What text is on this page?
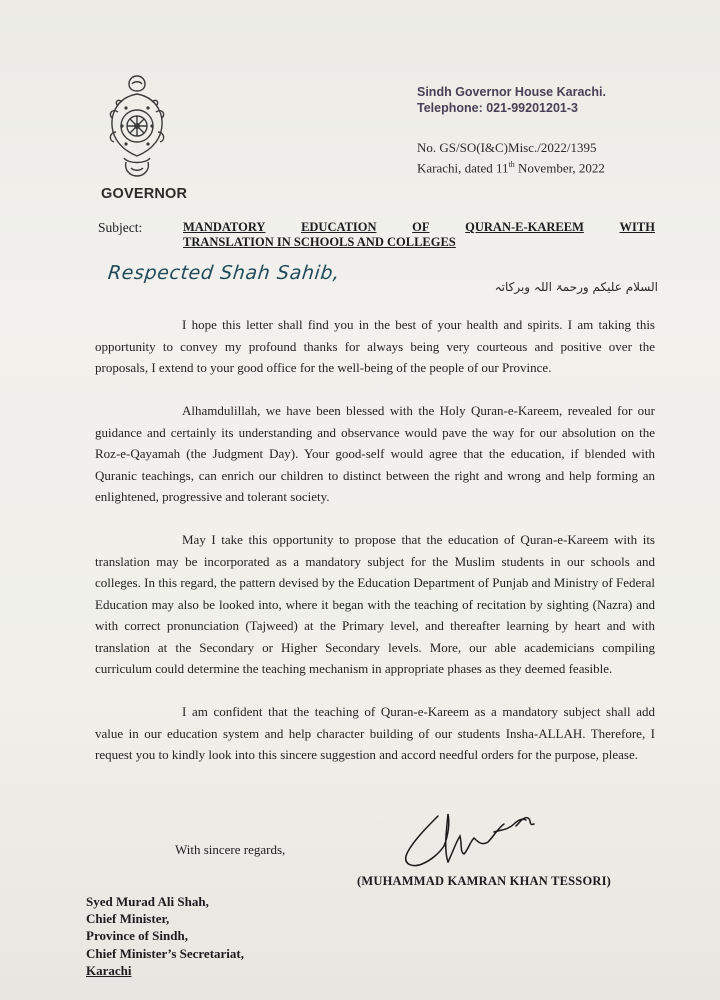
GOVERNOR
Sindh Governor House Karachi.
Telephone: 021-99201201-3
No. GS/SO(I&C)Misc./2022/1395
Karachi, dated 11th November, 2022
Subject:	MANDATORY	EDUCATION	OF	QURAN-E-KAREEM	WITH
TRANSLATION IN SCHOOLS AND COLLEGES
Respected Shah Sahib,
السلام علیکم ورحمۃ اللہ وبرکاتہ

I hope this letter shall find you in the best of your health and spirits. I am taking this opportunity to convey my profound thanks for always being very courteous and positive over the proposals, I extend to your good office for the well-being of the people of our Province.

Alhamdulillah, we have been blessed with the Holy Quran-e-Kareem, revealed for our guidance and certainly its understanding and observance would pave the way for our absolution on the Roz-e-Qayamah (the Judgment Day). Your good-self would agree that the education, if blended with Quranic teachings, can enrich our children to distinct between the right and wrong and help forming an enlightened, progressive and tolerant society.

May I take this opportunity to propose that the education of Quran-e-Kareem with its translation may be incorporated as a mandatory subject for the Muslim students in our schools and colleges. In this regard, the pattern devised by the Education Department of Punjab and Ministry of Federal Education may also be looked into, where it began with the teaching of recitation by sighting (Nazra) and with correct pronunciation (Tajweed) at the Primary level, and thereafter learning by heart and with translation at the Secondary or Higher Secondary levels. More, our able academicians compiling curriculum could determine the teaching mechanism in appropriate phases as they deemed feasible.

I am confident that the teaching of Quran-e-Kareem as a mandatory subject shall add value in our education system and help character building of our students Insha-ALLAH. Therefore, I request you to kindly look into this sincere suggestion and accord needful orders for the purpose, please.

With sincere regards,
(MUHAMMAD KAMRAN KHAN TESSORI)
Syed Murad Ali Shah,
Chief Minister,
Province of Sindh,
Chief Minister’s Secretariat,
Karachi
